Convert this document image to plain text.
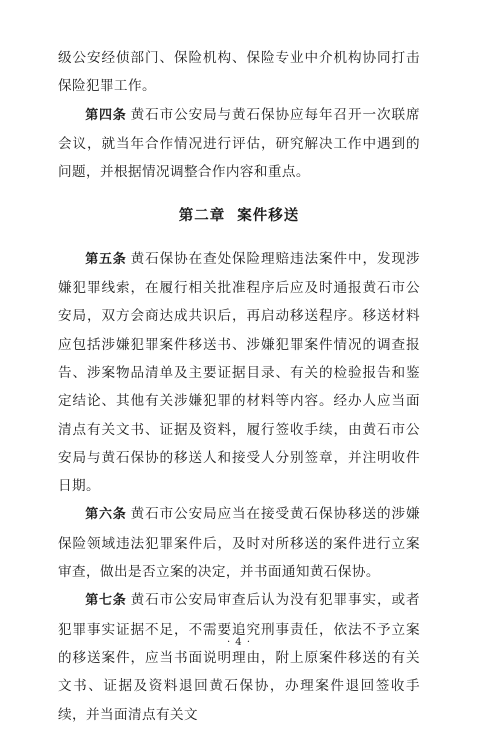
级公安经侦部门、保险机构、保险专业中介机构协同打击保险犯罪工作。

第四条 黄石市公安局与黄石保协应每年召开一次联席会议，就当年合作情况进行评估，研究解决工作中遇到的问题，并根据情况调整合作内容和重点。

第二章 案件移送

第五条 黄石保协在查处保险理赔违法案件中，发现涉嫌犯罪线索，在履行相关批准程序后应及时通报黄石市公安局，双方会商达成共识后，再启动移送程序。移送材料应包括涉嫌犯罪案件移送书、涉嫌犯罪案件情况的调查报告、涉案物品清单及主要证据目录、有关的检验报告和鉴定结论、其他有关涉嫌犯罪的材料等内容。经办人应当面清点有关文书、证据及资料，履行签收手续，由黄石市公安局与黄石保协的移送人和接受人分别签章，并注明收件日期。

第六条 黄石市公安局应当在接受黄石保协移送的涉嫌保险领域违法犯罪案件后，及时对所移送的案件进行立案审查，做出是否立案的决定，并书面通知黄石保协。

第七条 黄石市公安局审查后认为没有犯罪事实，或者犯罪事实证据不足，不需要追究刑事责任，依法不予立案的移送案件，应当书面说明理由，附上原案件移送的有关文书、证据及资料退回黄石保协，办理案件退回签收手续，并当面清点有关文

· 4 ·
